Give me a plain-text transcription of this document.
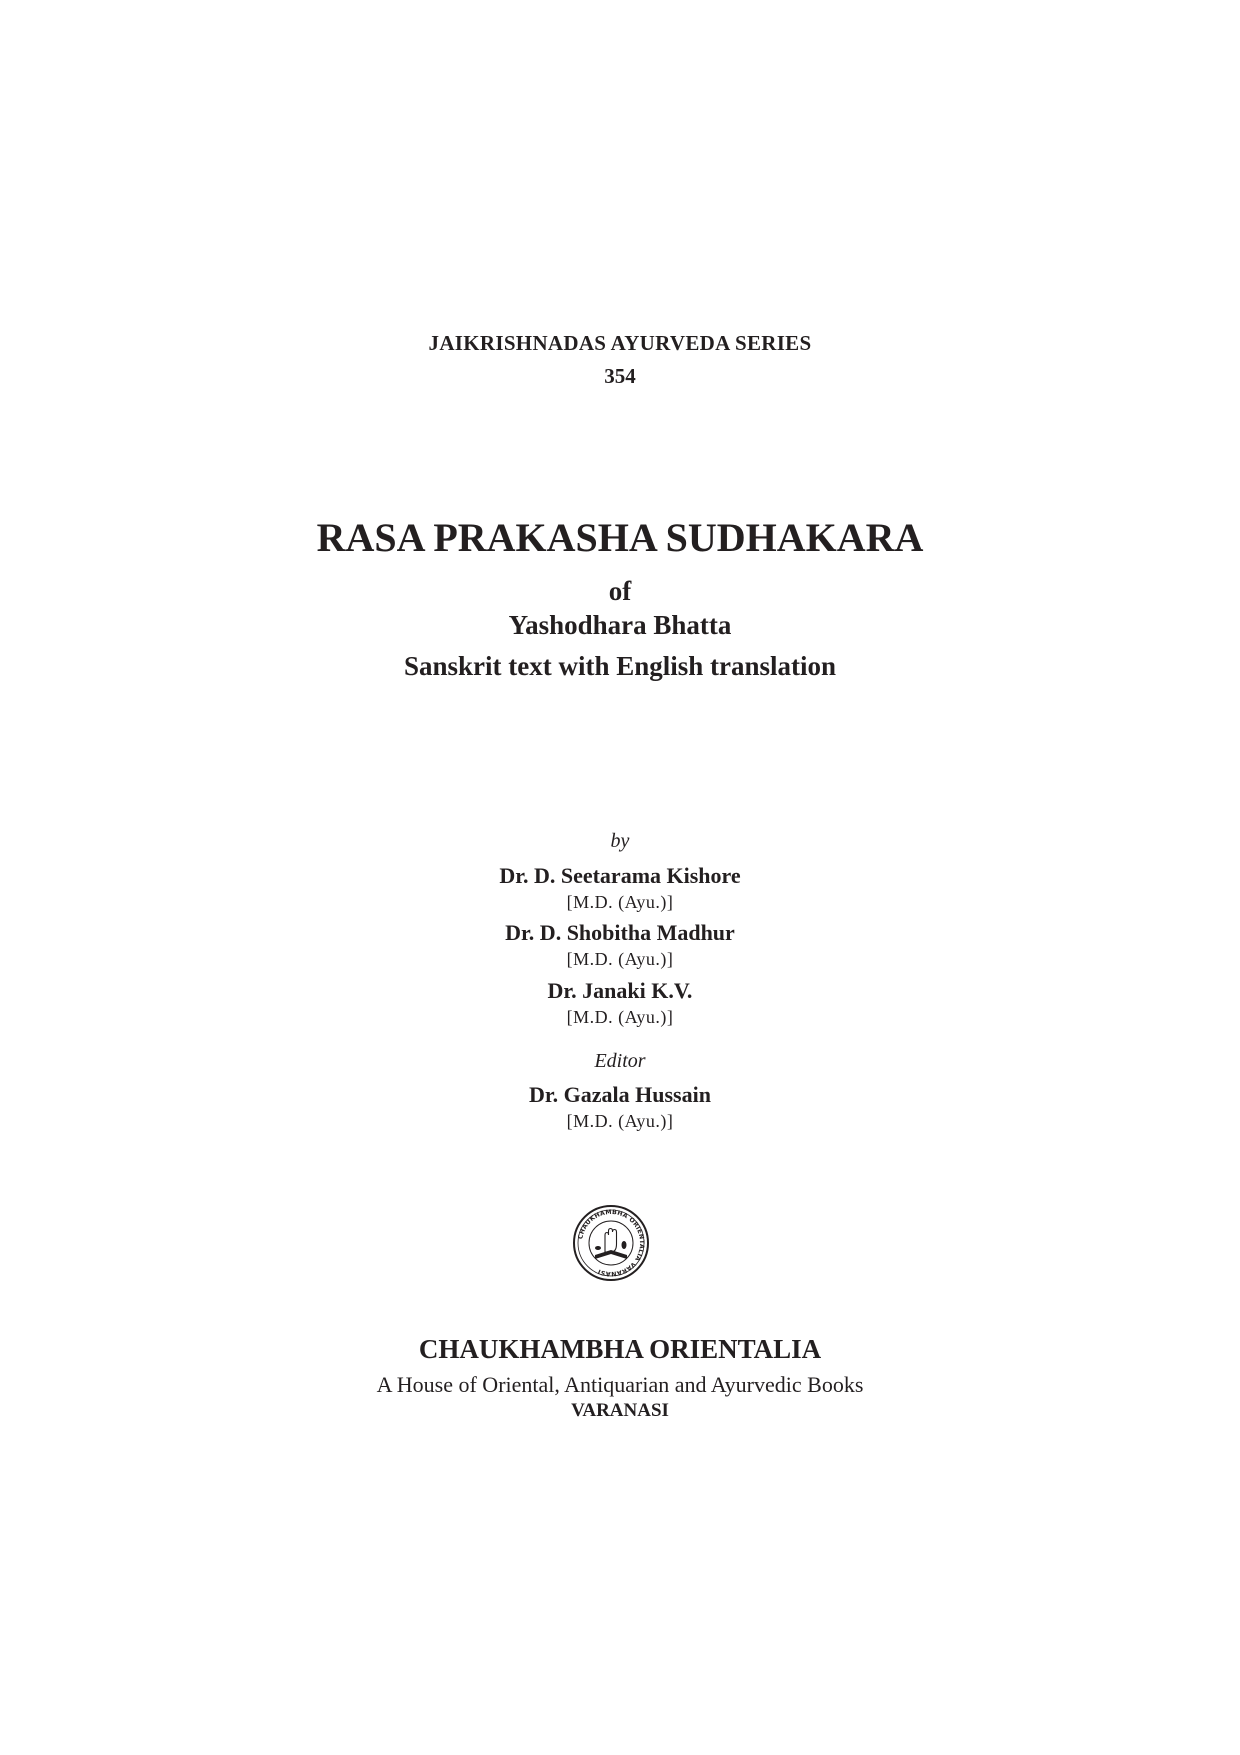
JAIKRISHNADAS AYURVEDA SERIES
354
RASA PRAKASHA SUDHAKARA
of
Yashodhara Bhatta
Sanskrit text with English translation
by
Dr. D. Seetarama Kishore
[M.D. (Ayu.)]
Dr. D. Shobitha Madhur
[M.D. (Ayu.)]
Dr. Janaki K.V.
[M.D. (Ayu.)]
Editor
Dr. Gazala Hussain
[M.D. (Ayu.)]
CHAUKHAMBHA ORIENTALIA VARANASI
CHAUKHAMBHA ORIENTALIA
A House of Oriental, Antiquarian and Ayurvedic Books
VARANASI
